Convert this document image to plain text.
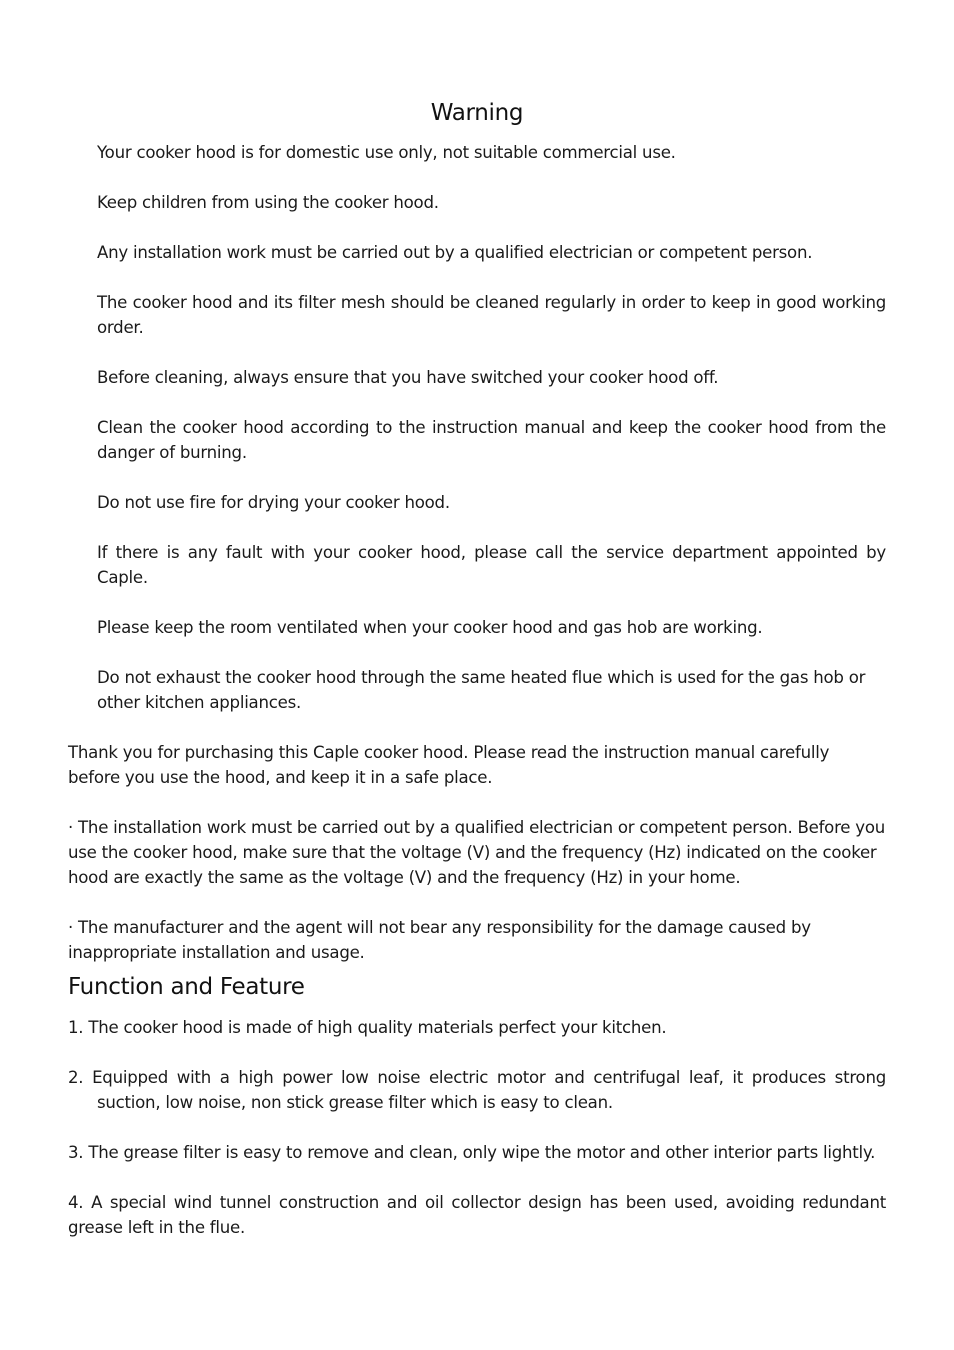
Warning

Your cooker hood is for domestic use only, not suitable commercial use.

Keep children from using the cooker hood.

Any installation work must be carried out by a qualified electrician or competent person.

The cooker hood and its filter mesh should be cleaned regularly in order to keep in good working order.

Before cleaning, always ensure that you have switched your cooker hood off.

Clean the cooker hood according to the instruction manual and keep the cooker hood from the danger of burning.

Do not use fire for drying your cooker hood.

If there is any fault with your cooker hood, please call the service department appointed by Caple.

Please keep the room ventilated when your cooker hood and gas hob are working.

Do not exhaust the cooker hood through the same heated flue which is used for the gas hob or other kitchen appliances.

Thank you for purchasing this Caple cooker hood. Please read the instruction manual carefully before you use the hood, and keep it in a safe place.

· The installation work must be carried out by a qualified electrician or competent person. Before you use the cooker hood, make sure that the voltage (V) and the frequency (Hz) indicated on the cooker hood are exactly the same as the voltage (V) and the frequency (Hz) in your home.

· The manufacturer and the agent will not bear any responsibility for the damage caused by inappropriate installation and usage.

Function and Feature

1. The cooker hood is made of high quality materials perfect your kitchen.

2. Equipped with a high power low noise electric motor and centrifugal leaf, it produces strong suction, low noise, non stick grease filter which is easy to clean.

3. The grease filter is easy to remove and clean, only wipe the motor and other interior parts lightly.

4. A special wind tunnel construction and oil collector design has been used, avoiding redundant grease left in the flue.
